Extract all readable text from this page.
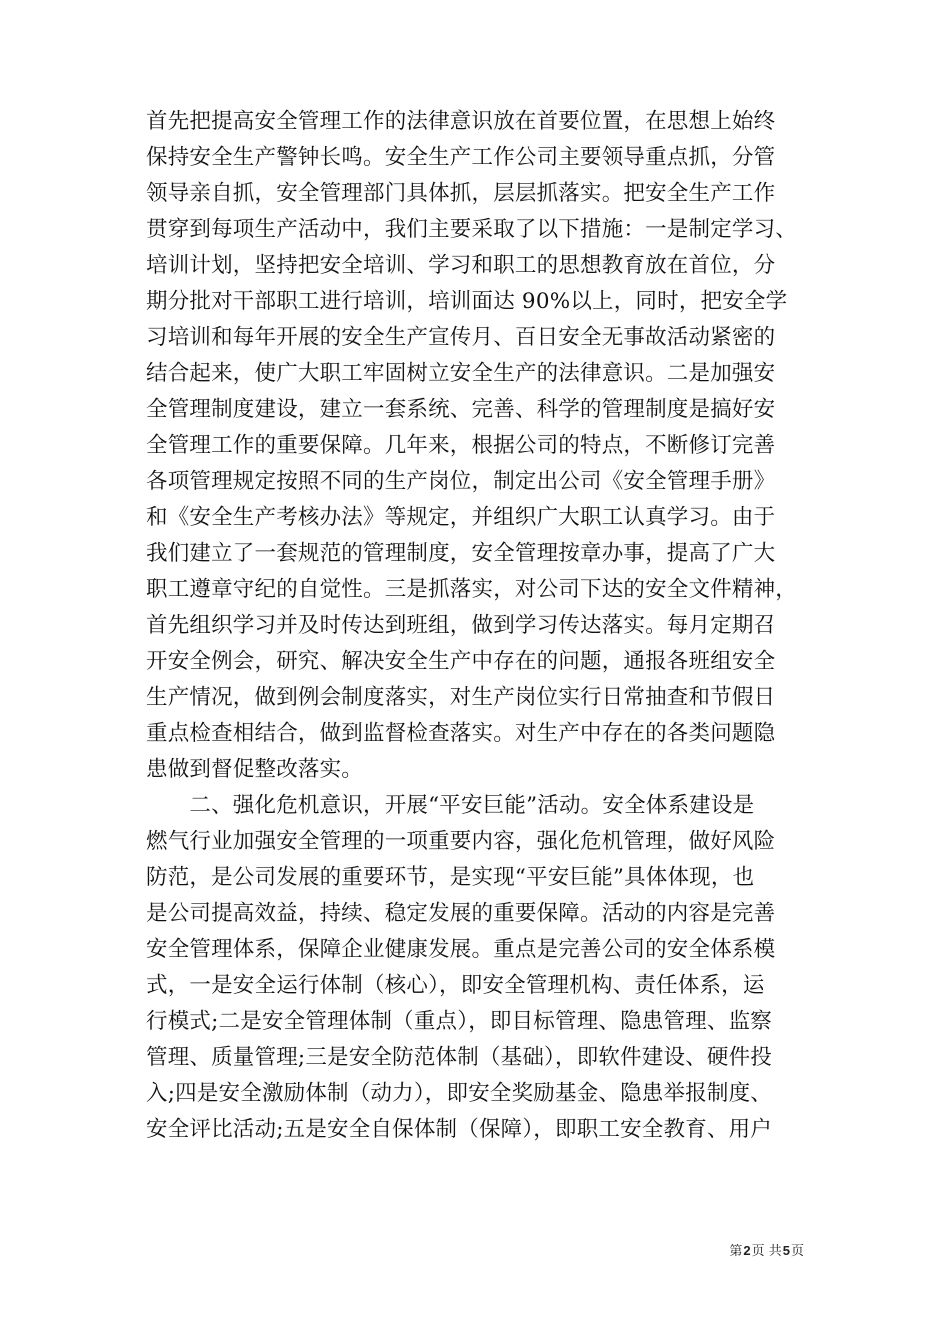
首先把提高安全管理工作的法律意识放在首要位置，在思想上始终
保持安全生产警钟长鸣。安全生产工作公司主要领导重点抓，分管
领导亲自抓，安全管理部门具体抓，层层抓落实。把安全生产工作
贯穿到每项生产活动中，我们主要采取了以下措施：一是制定学习、
培训计划，坚持把安全培训、学习和职工的思想教育放在首位，分
期分批对干部职工进行培训，培训面达 90%以上，同时，把安全学
习培训和每年开展的安全生产宣传月、百日安全无事故活动紧密的
结合起来，使广大职工牢固树立安全生产的法律意识。二是加强安
全管理制度建设，建立一套系统、完善、科学的管理制度是搞好安
全管理工作的重要保障。几年来，根据公司的特点，不断修订完善
各项管理规定按照不同的生产岗位，制定出公司《安全管理手册》
和《安全生产考核办法》等规定，并组织广大职工认真学习。由于
我们建立了一套规范的管理制度，安全管理按章办事，提高了广大
职工遵章守纪的自觉性。三是抓落实，对公司下达的安全文件精神，
首先组织学习并及时传达到班组，做到学习传达落实。每月定期召
开安全例会，研究、解决安全生产中存在的问题，通报各班组安全
生产情况，做到例会制度落实，对生产岗位实行日常抽查和节假日
重点检查相结合，做到监督检查落实。对生产中存在的各类问题隐
患做到督促整改落实。
　　二、强化危机意识，开展“平安巨能”活动。安全体系建设是
燃气行业加强安全管理的一项重要内容，强化危机管理，做好风险
防范，是公司发展的重要环节，是实现“平安巨能”具体体现，也
是公司提高效益，持续、稳定发展的重要保障。活动的内容是完善
安全管理体系，保障企业健康发展。重点是完善公司的安全体系模
式，一是安全运行体制（核心），即安全管理机构、责任体系，运
行模式;二是安全管理体制（重点），即目标管理、隐患管理、监察
管理、质量管理;三是安全防范体制（基础），即软件建设、硬件投
入;四是安全激励体制（动力），即安全奖励基金、隐患举报制度、
安全评比活动;五是安全自保体制（保障），即职工安全教育、用户
第2页 共5页
